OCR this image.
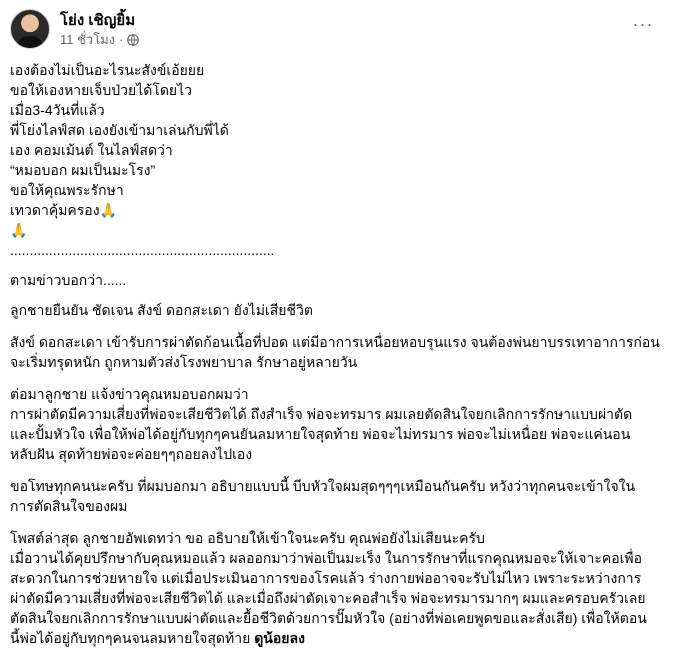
โย่ง เชิญยิ้ม
11 ชั่วโมง ·
···
เองต้องไม่เป็นอะไรนะสังข์เอ้ยยย
ขอให้เองหายเจ็บป่วยได้โดยไว
เมื่อ3-4วันที่แล้ว
พี่โย่งไลฟ์สด เองยังเข้ามาเล่นกับพี่ได้
เอง คอมเม้นต์ ในไลฟ์สดว่า
“หมอบอก ผมเป็นมะโรง”
ขอให้คุณพระรักษา
เทวดาคุ้มครอง🙏
🙏
....................................................................
ตามข่าวบอกว่า......
ลูกชายยืนยัน ชัดเจน สังข์ ดอกสะเดา ยังไม่เสียชีวิต
สังข์ ดอกสะเดา เข้ารับการผ่าตัดก้อนเนื้อที่ปอด แต่มีอาการเหนื่อยหอบรุนแรง จนต้องพ่นยาบรรเทาอาการก่อน
จะเริ่มทรุดหนัก ถูกหามตัวส่งโรงพยาบาล รักษาอยู่หลายวัน
ต่อมาลูกชาย แจ้งข่าวคุณหมอบอกผมว่า
การผ่าตัดมีความเสี่ยงที่พ่อจะเสียชีวิตได้ ถึงสำเร็จ พ่อจะทรมาร ผมเลยตัดสินใจยกเลิกการรักษาแบบผ่าตัด
และปั้มหัวใจ เพื่อให้พ่อได้อยู่กับทุกๆคนยันลมหายใจสุดท้าย พ่อจะไม่ทรมาร พ่อจะไม่เหนื่อย พ่อจะแค่นอน
หลับฝัน สุดท้ายพ่อจะค่อยๆๆถอยลงไปเอง
ขอโทษทุกคนนะครับ ที่ผมบอกมา อธิบายแบบนี้ บีบหัวใจผมสุดๆๆๆเหมือนกันครับ หวังว่าทุกคนจะเข้าใจใน
การตัดสินใจของผม
โพสต์ล่าสุด ลูกชายอัพเดทว่า ขอ อธิบายให้เข้าใจนะครับ คุณพ่อยังไม่เสียนะครับ
เมื่อวานได้คุยปรึกษากับคุณหมอแล้ว ผลออกมาว่าพ่อเป็นมะเร็ง ในการรักษาที่แรกคุณหมอจะให้เจาะคอเพื่อ
สะดวกในการช่วยหายใจ แต่เมื่อประเมินอาการของโรคแล้ว ร่างกายพ่ออาจจะรับไม่ไหว เพราะระหว่างการ
ผ่าตัดมีความเสี่ยงที่พ่อจะเสียชีวิตได้ และเมื่อถึงผ่าตัดเจาะคอสำเร็จ พ่อจะทรมารมากๆ ผมและครอบครัวเลย
ตัดสินใจยกเลิกการรักษาแบบผ่าตัดและยื้อชีวิตด้วยการปั๊มหัวใจ (อย่างที่พ่อเคยพูดขอและสั่งเสีย) เพื่อให้ตอน
นี้พ่อได้อยู่กับทุกๆคนจนลมหายใจสุดท้าย ดูน้อยลง
